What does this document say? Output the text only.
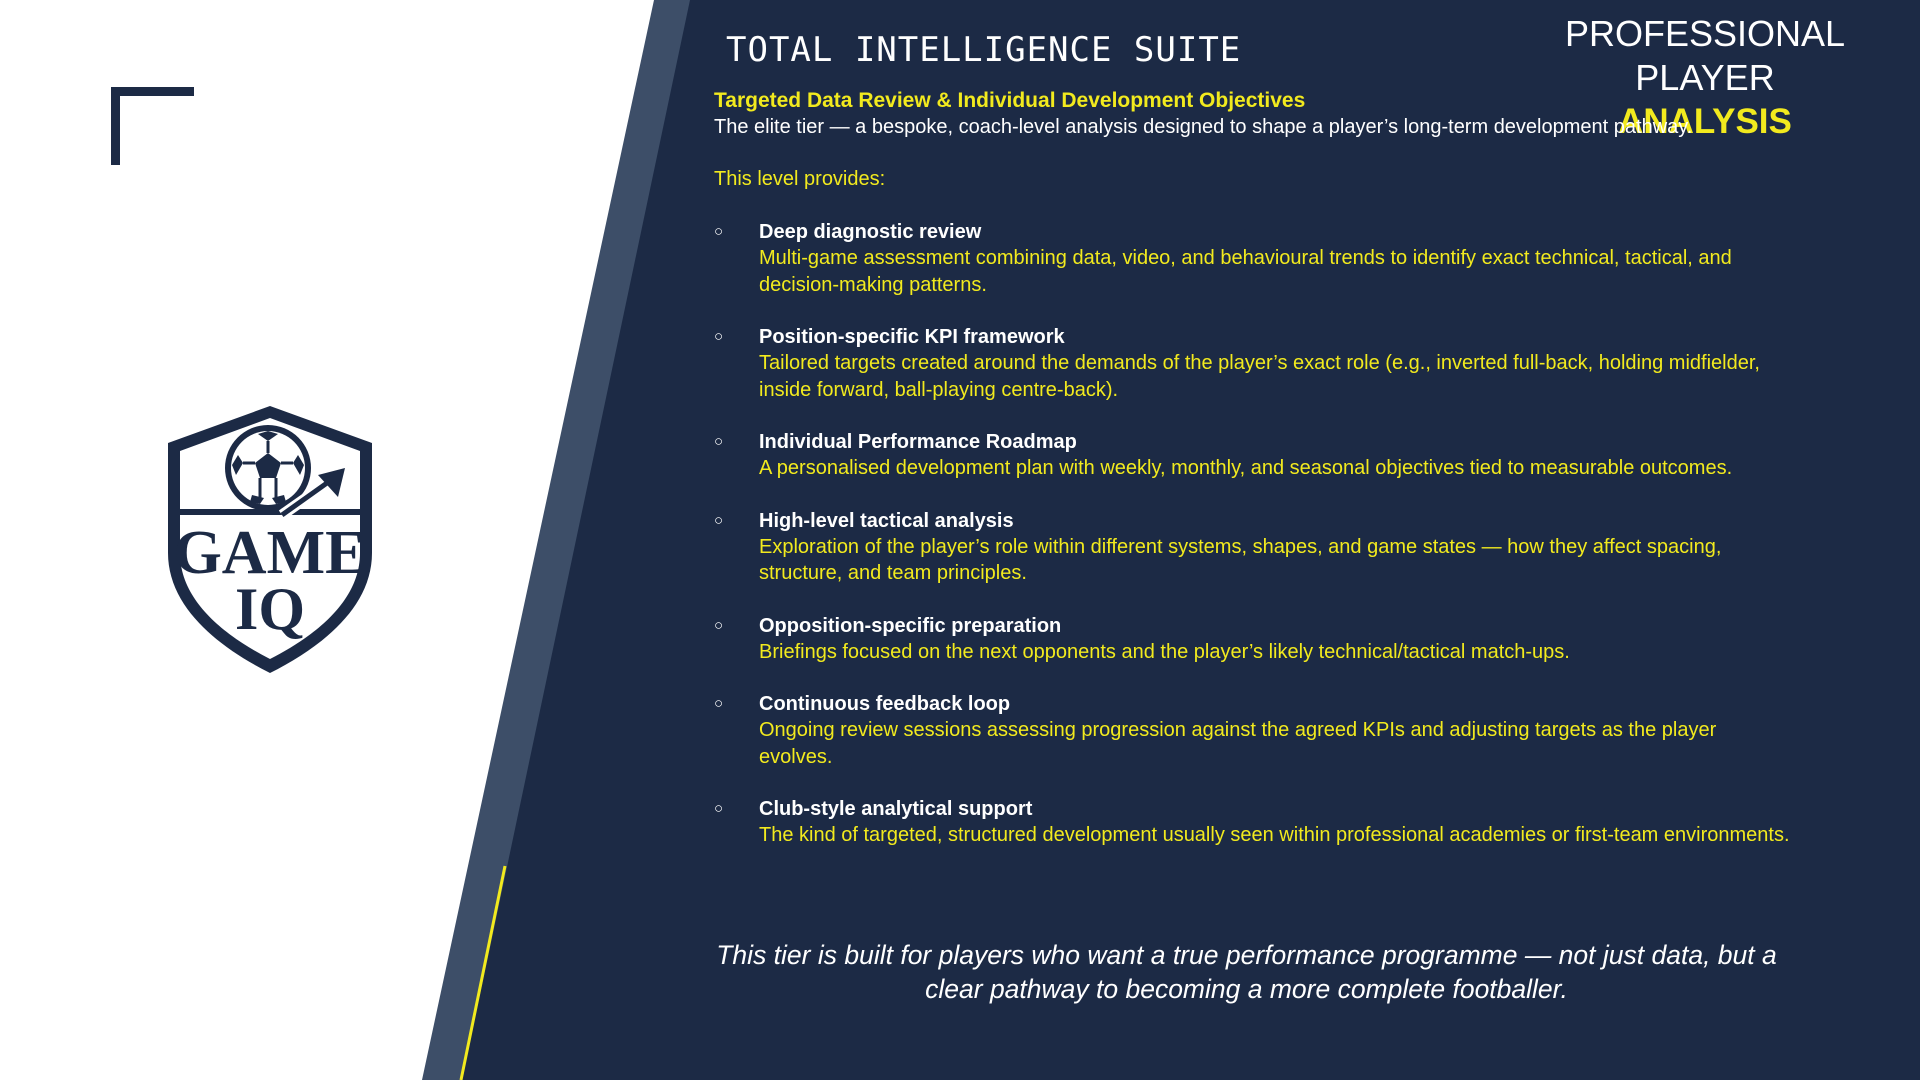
GAME
IQ
TOTAL INTELLIGENCE SUITE	PROFESSIONAL PLAYER
ANALYSIS
Targeted Data Review & Individual Development Objectives
The elite tier — a bespoke, coach-level analysis designed to shape a player’s long-term development pathway.
This level provides:
○ Deep diagnostic review
Multi-game assessment combining data, video, and behavioural trends to identify exact technical, tactical, and decision-making patterns.
○ Position-specific KPI framework
Tailored targets created around the demands of the player’s exact role (e.g., inverted full-back, holding midfielder, inside forward, ball-playing centre-back).
○ Individual Performance Roadmap
A personalised development plan with weekly, monthly, and seasonal objectives tied to measurable outcomes.
○ High-level tactical analysis
Exploration of the player’s role within different systems, shapes, and game states — how they affect spacing, structure, and team principles.
○ Opposition-specific preparation
Briefings focused on the next opponents and the player’s likely technical/tactical match-ups.
○ Continuous feedback loop
Ongoing review sessions assessing progression against the agreed KPIs and adjusting targets as the player evolves.
○ Club-style analytical support
The kind of targeted, structured development usually seen within professional academies or first-team environments.
This tier is built for players who want a true performance programme — not just data, but a clear pathway to becoming a more complete footballer.
